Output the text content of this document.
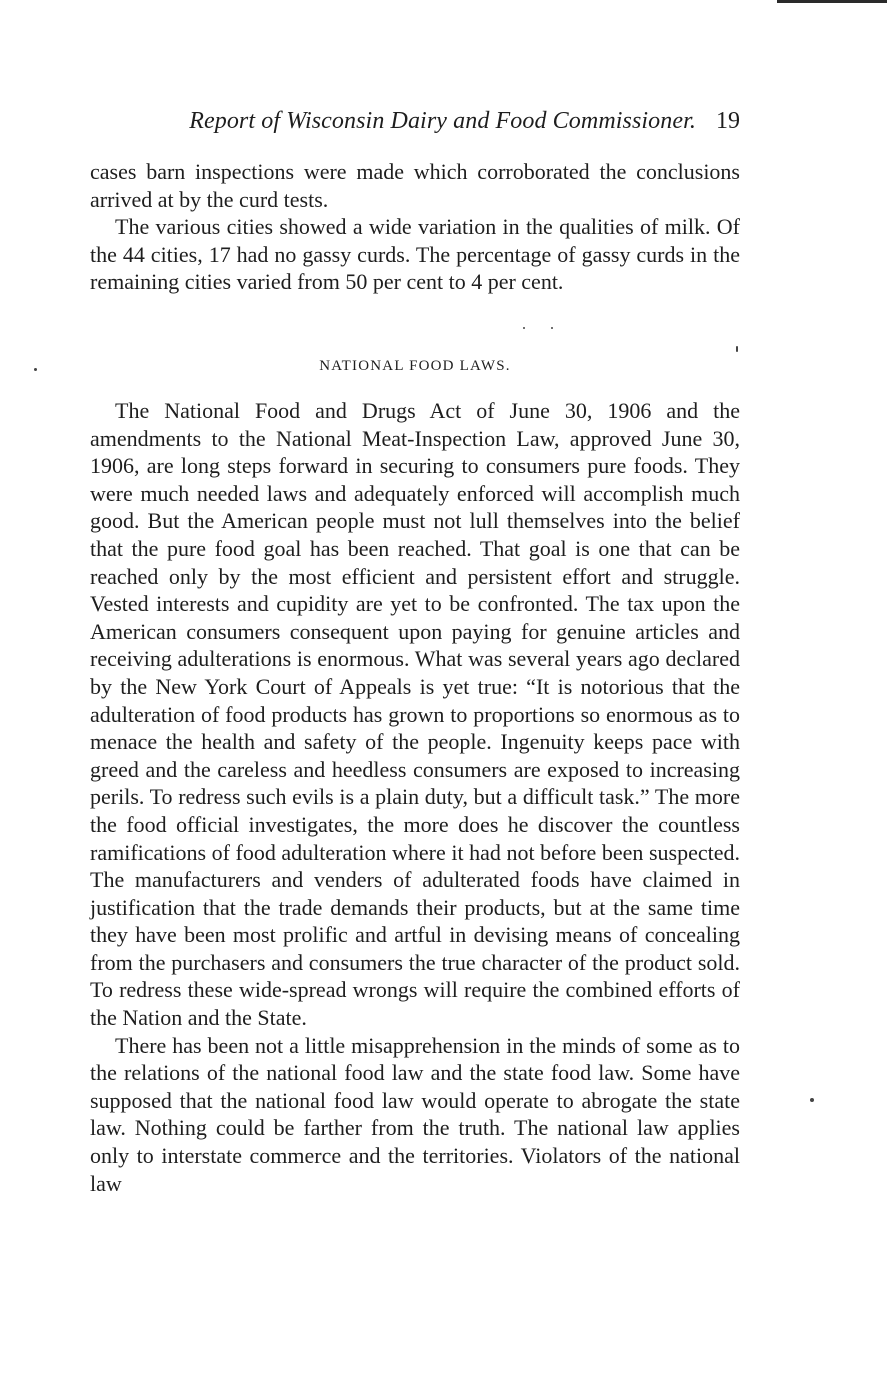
Report of Wisconsin Dairy and Food Commissioner. 19

cases barn inspections were made which corroborated the conclusions arrived at by the curd tests.

The various cities showed a wide variation in the qualities of milk. Of the 44 cities, 17 had no gassy curds. The percentage of gassy curds in the remaining cities varied from 50 per cent to 4 per cent.

NATIONAL FOOD LAWS.

The National Food and Drugs Act of June 30, 1906 and the amendments to the National Meat-Inspection Law, approved June 30, 1906, are long steps forward in securing to consumers pure foods. They were much needed laws and adequately enforced will accomplish much good. But the American people must not lull themselves into the belief that the pure food goal has been reached. That goal is one that can be reached only by the most efficient and persistent effort and struggle. Vested interests and cupidity are yet to be confronted. The tax upon the American consumers consequent upon paying for genuine articles and receiving adulterations is enormous. What was several years ago declared by the New York Court of Appeals is yet true: “It is notorious that the adulteration of food products has grown to proportions so enormous as to menace the health and safety of the people. Ingenuity keeps pace with greed and the careless and heedless consumers are exposed to increasing perils. To redress such evils is a plain duty, but a difficult task.” The more the food official investigates, the more does he discover the countless ramifications of food adulteration where it had not before been suspected. The manufacturers and venders of adulterated foods have claimed in justification that the trade demands their products, but at the same time they have been most prolific and artful in devising means of concealing from the purchasers and consumers the true character of the product sold. To redress these wide-spread wrongs will require the combined efforts of the Nation and the State.

There has been not a little misapprehension in the minds of some as to the relations of the national food law and the state food law. Some have supposed that the national food law would operate to abrogate the state law. Nothing could be farther from the truth. The national law applies only to interstate commerce and the territories. Violators of the national law
